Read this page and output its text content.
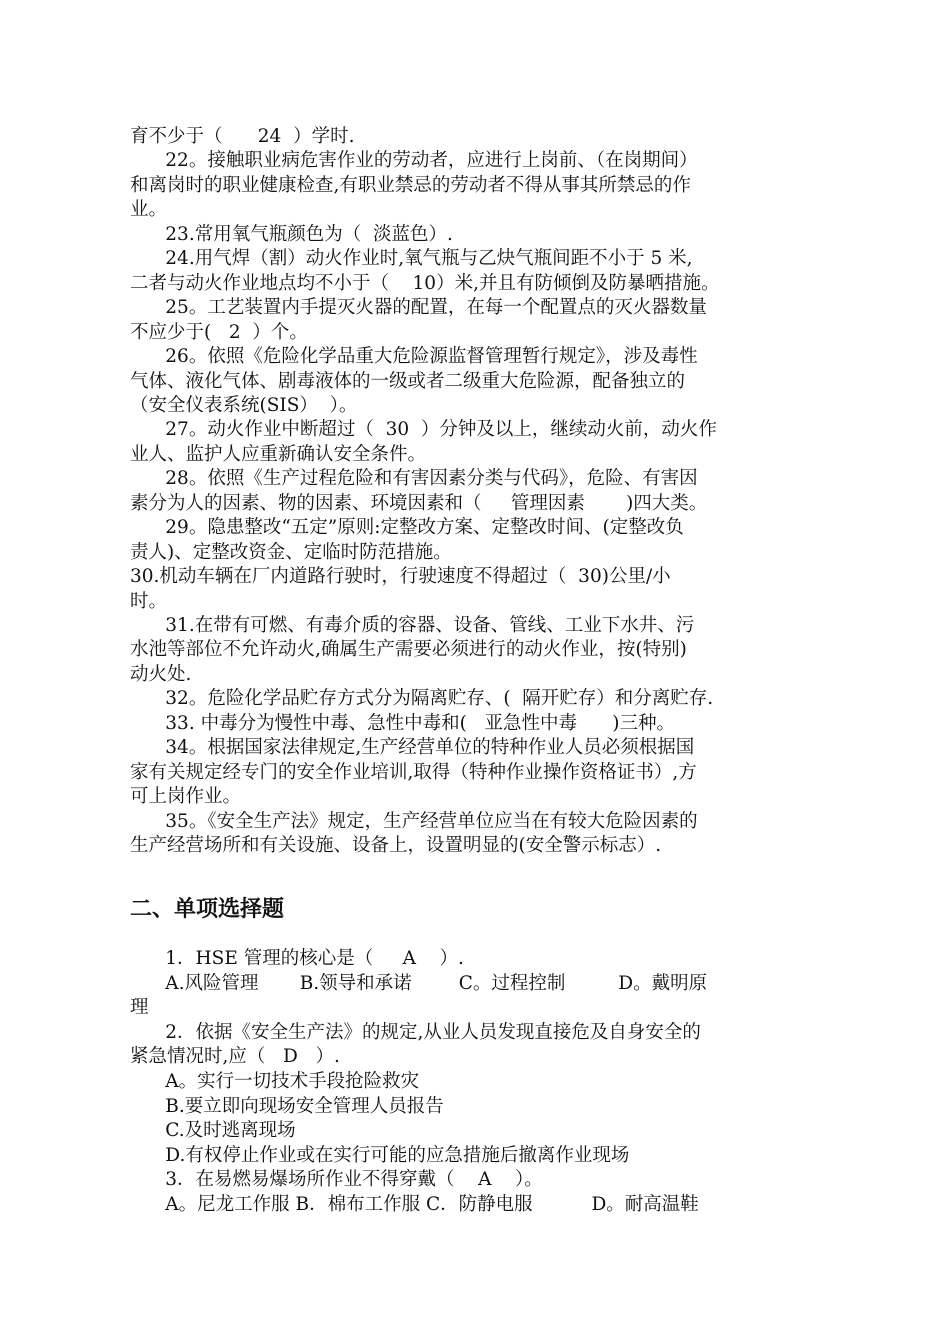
育不少于（      24  ）学时.
22。接触职业病危害作业的劳动者，应进行上岗前、（在岗期间）
和离岗时的职业健康检查,有职业禁忌的劳动者不得从事其所禁忌的作
业。
23.常用氧气瓶颜色为（  淡蓝色）.
24.用气焊（割）动火作业时,氧气瓶与乙炔气瓶间距不小于 5 米,
二者与动火作业地点均不小于（    10）米,并且有防倾倒及防暴晒措施。
25。工艺装置内手提灭火器的配置，在每一个配置点的灭火器数量
不应少于(   2  ）个。
26。依照《危险化学品重大危险源监督管理暂行规定》，涉及毒性
气体、液化气体、剧毒液体的一级或者二级重大危险源，配备独立的
（安全仪表系统(SIS）  ）。
27。动火作业中断超过（  30  ）分钟及以上，继续动火前，动火作
业人、监护人应重新确认安全条件。
28。依照《生产过程危险和有害因素分类与代码》，危险、有害因
素分为人的因素、物的因素、环境因素和（     管理因素       )四大类。
29。隐患整改“五定”原则:定整改方案、定整改时间、(定整改负
责人)、定整改资金、定临时防范措施。
30.机动车辆在厂内道路行驶时，行驶速度不得超过（  30)公里/小
时。
31.在带有可燃、有毒介质的容器、设备、管线、工业下水井、污
水池等部位不允许动火,确属生产需要必须进行的动火作业，按(特别)
动火处.
32。危险化学品贮存方式分为隔离贮存、(  隔开贮存）和分离贮存.
33. 中毒分为慢性中毒、急性中毒和(   亚急性中毒      )三种。
34。根据国家法律规定,生产经营单位的特种作业人员必须根据国
家有关规定经专门的安全作业培训,取得（特种作业操作资格证书）,方
可上岗作业。
35。《安全生产法》规定，生产经营单位应当在有较大危险因素的
生产经营场所和有关设施、设备上，设置明显的(安全警示标志）.
二、单项选择题
1．HSE 管理的核心是（     A    ）.
A.风险管理       B.领导和承诺        C。过程控制         D。戴明原
理
2．依据《安全生产法》的规定,从业人员发现直接危及自身安全的
紧急情况时,应（   D   ）.
A。实行一切技术手段抢险救灾
B.要立即向现场安全管理人员报告
C.及时逃离现场
D.有权停止作业或在实行可能的应急措施后撤离作业现场
3．在易燃易爆场所作业不得穿戴（    A    ）。
A。尼龙工作服 B．棉布工作服 C．防静电服          D。耐高温鞋
